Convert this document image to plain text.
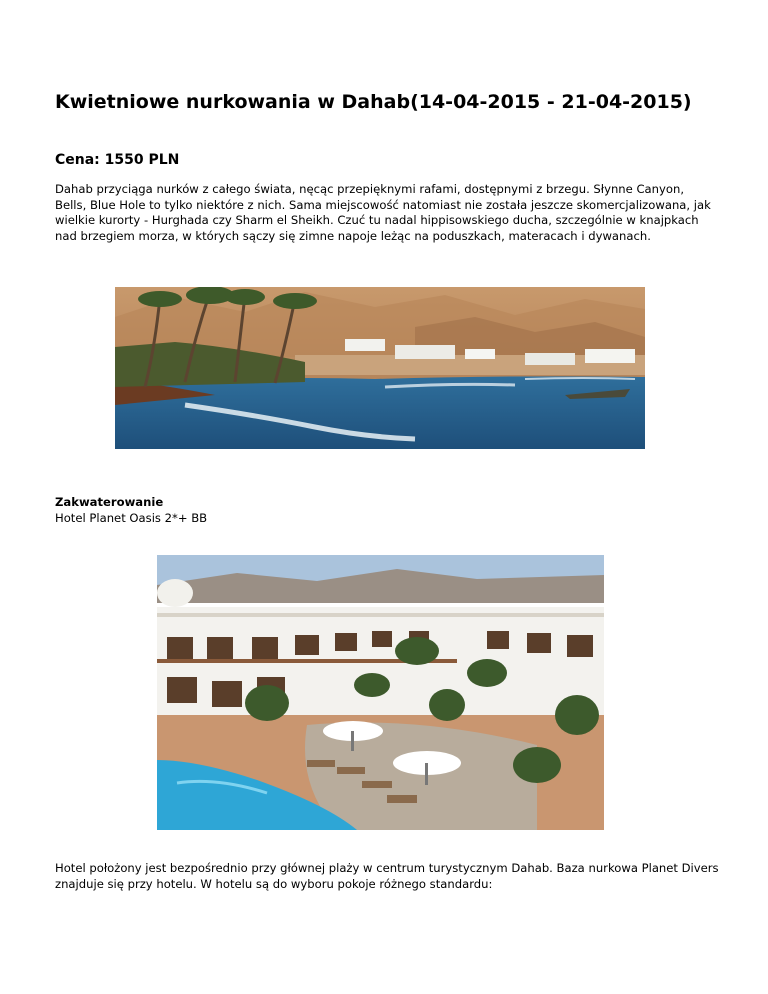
Kwietniowe nurkowania w Dahab(14-04-2015 - 21-04-2015)

Cena: 1550 PLN

Dahab przyciąga nurków z całego świata, nęcąc przepięknymi rafami, dostępnymi z brzegu. Słynne Canyon, Bells, Blue Hole to tylko niektóre z nich. Sama miejscowość natomiast nie została jeszcze skomercjalizowana, jak wielkie kurorty - Hurghada czy Sharm el Sheikh. Czuć tu nadal hippisowskiego ducha, szczególnie w knajpkach nad brzegiem morza, w których sączy się zimne napoje leżąc na poduszkach, materacach i dywanach.

Zakwaterowanie

Hotel Planet Oasis 2*+ BB

Hotel położony jest bezpośrednio przy głównej plaży w centrum turystycznym Dahab. Baza nurkowa Planet Divers znajduje się przy hotelu. W hotelu są do wyboru pokoje różnego standardu:
